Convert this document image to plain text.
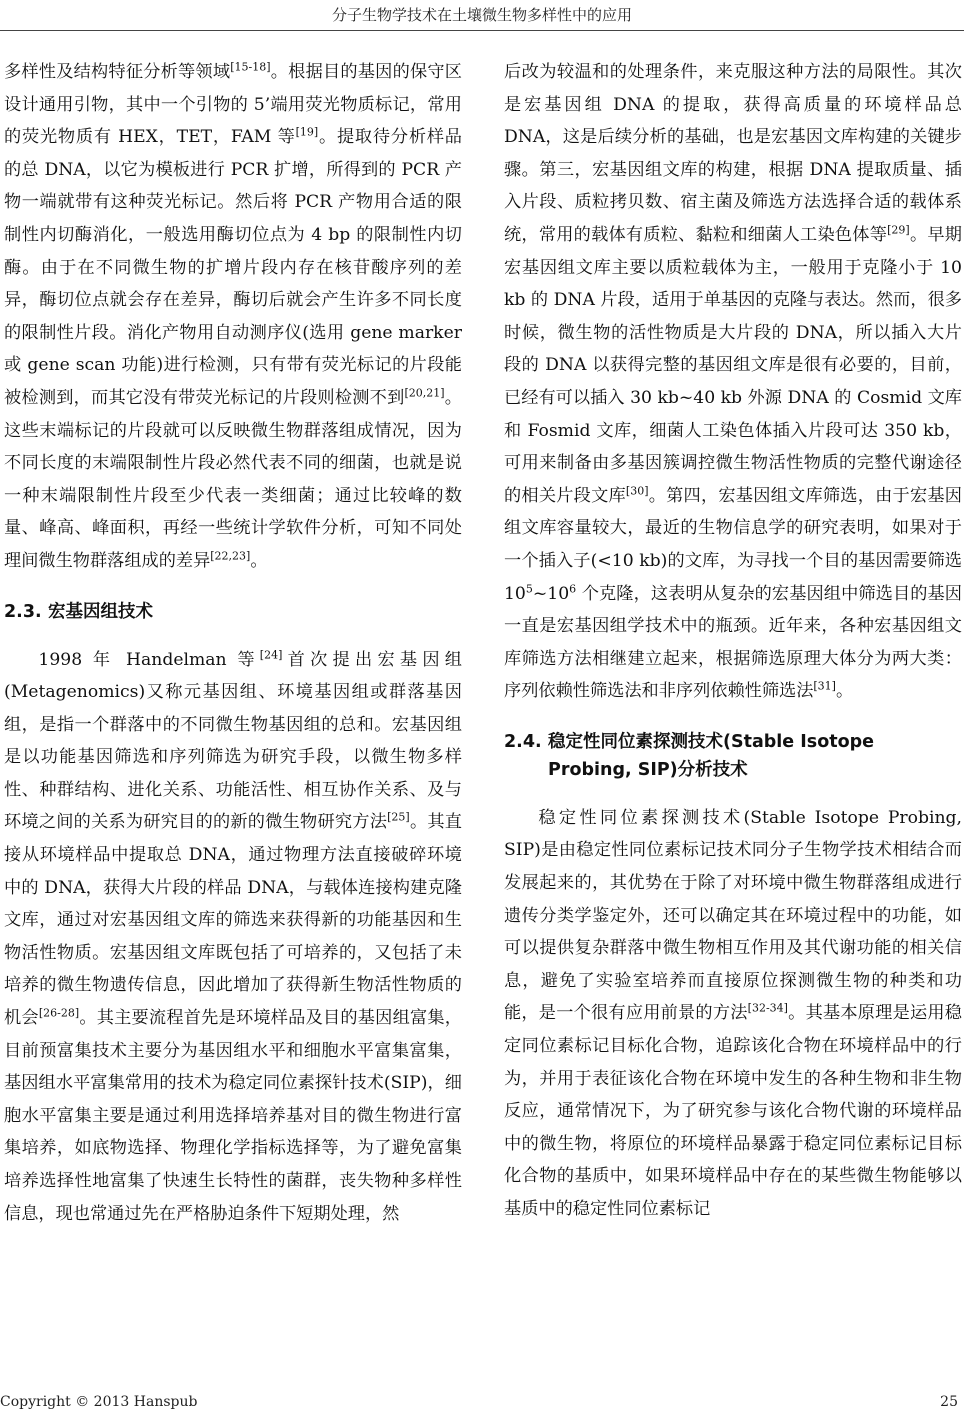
分子生物学技术在土壤微生物多样性中的应用

多样性及结构特征分析等领域[15-18]。根据目的基因的保守区设计通用引物，其中一个引物的 5’端用荧光物质标记，常用的荧光物质有 HEX，TET，FAM 等[19]。提取待分析样品的总 DNA，以它为模板进行 PCR 扩增，所得到的 PCR 产物一端就带有这种荧光标记。然后将 PCR 产物用合适的限制性内切酶消化，一般选用酶切位点为 4 bp 的限制性内切酶。由于在不同微生物的扩增片段内存在核苷酸序列的差异，酶切位点就会存在差异，酶切后就会产生许多不同长度的限制性片段。消化产物用自动测序仪(选用 gene marker 或 gene scan 功能)进行检测，只有带有荧光标记的片段能被检测到，而其它没有带荧光标记的片段则检测不到[20,21]。这些末端标记的片段就可以反映微生物群落组成情况，因为不同长度的末端限制性片段必然代表不同的细菌，也就是说一种末端限制性片段至少代表一类细菌；通过比较峰的数量、峰高、峰面积，再经一些统计学软件分析，可知不同处理间微生物群落组成的差异[22,23]。

2.3. 宏基因组技术

1998 年 Handelman 等[24]首次提出宏基因组(Metagenomics)又称元基因组、环境基因组或群落基因组，是指一个群落中的不同微生物基因组的总和。宏基因组是以功能基因筛选和序列筛选为研究手段，以微生物多样性、种群结构、进化关系、功能活性、相互协作关系、及与环境之间的关系为研究目的的新的微生物研究方法[25]。其直接从环境样品中提取总 DNA，通过物理方法直接破碎环境中的 DNA，获得大片段的样品 DNA，与载体连接构建克隆文库，通过对宏基因组文库的筛选来获得新的功能基因和生物活性物质。宏基因组文库既包括了可培养的，又包括了未培养的微生物遗传信息，因此增加了获得新生物活性物质的机会[26-28]。其主要流程首先是环境样品及目的基因组富集，目前预富集技术主要分为基因组水平和细胞水平富集富集，基因组水平富集常用的技术为稳定同位素探针技术(SIP)，细胞水平富集主要是通过利用选择培养基对目的微生物进行富集培养，如底物选择、物理化学指标选择等，为了避免富集培养选择性地富集了快速生长特性的菌群，丧失物种多样性信息，现也常通过先在严格胁迫条件下短期处理，然

后改为较温和的处理条件，来克服这种方法的局限性。其次是宏基因组 DNA 的提取，获得高质量的环境样品总 DNA，这是后续分析的基础，也是宏基因文库构建的关键步骤。第三，宏基因组文库的构建，根据 DNA 提取质量、插入片段、质粒拷贝数、宿主菌及筛选方法选择合适的载体系统，常用的载体有质粒、黏粒和细菌人工染色体等[29]。早期宏基因组文库主要以质粒载体为主，一般用于克隆小于 10 kb 的 DNA 片段，适用于单基因的克隆与表达。然而，很多时候，微生物的活性物质是大片段的 DNA，所以插入大片段的 DNA 以获得完整的基因组文库是很有必要的，目前，已经有可以插入 30 kb~40 kb 外源 DNA 的 Cosmid 文库和 Fosmid 文库，细菌人工染色体插入片段可达 350 kb，可用来制备由多基因簇调控微生物活性物质的完整代谢途径的相关片段文库[30]。第四，宏基因组文库筛选，由于宏基因组文库容量较大，最近的生物信息学的研究表明，如果对于一个插入子(<10 kb)的文库，为寻找一个目的基因需要筛选 $10^5\sim 10^6$ 个克隆，这表明从复杂的宏基因组中筛选目的基因一直是宏基因组学技术中的瓶颈。近年来，各种宏基因组文库筛选方法相继建立起来，根据筛选原理大体分为两大类：序列依赖性筛选法和非序列依赖性筛选法[31]。

2.4. 稳定性同位素探测技术(Stable Isotope Probing, SIP)分析技术

稳定性同位素探测技术(Stable Isotope Probing, SIP)是由稳定性同位素标记技术同分子生物学技术相结合而发展起来的，其优势在于除了对环境中微生物群落组成进行遗传分类学鉴定外，还可以确定其在环境过程中的功能，如可以提供复杂群落中微生物相互作用及其代谢功能的相关信息，避免了实验室培养而直接原位探测微生物的种类和功能，是一个很有应用前景的方法[32-34]。其基本原理是运用稳定同位素标记目标化合物，追踪该化合物在环境样品中的行为，并用于表征该化合物在环境中发生的各种生物和非生物反应，通常情况下，为了研究参与该化合物代谢的环境样品中的微生物，将原位的环境样品暴露于稳定同位素标记目标化合物的基质中，如果环境样品中存在的某些微生物能够以基质中的稳定性同位素标记

Copyright © 2013 Hanspub	25
